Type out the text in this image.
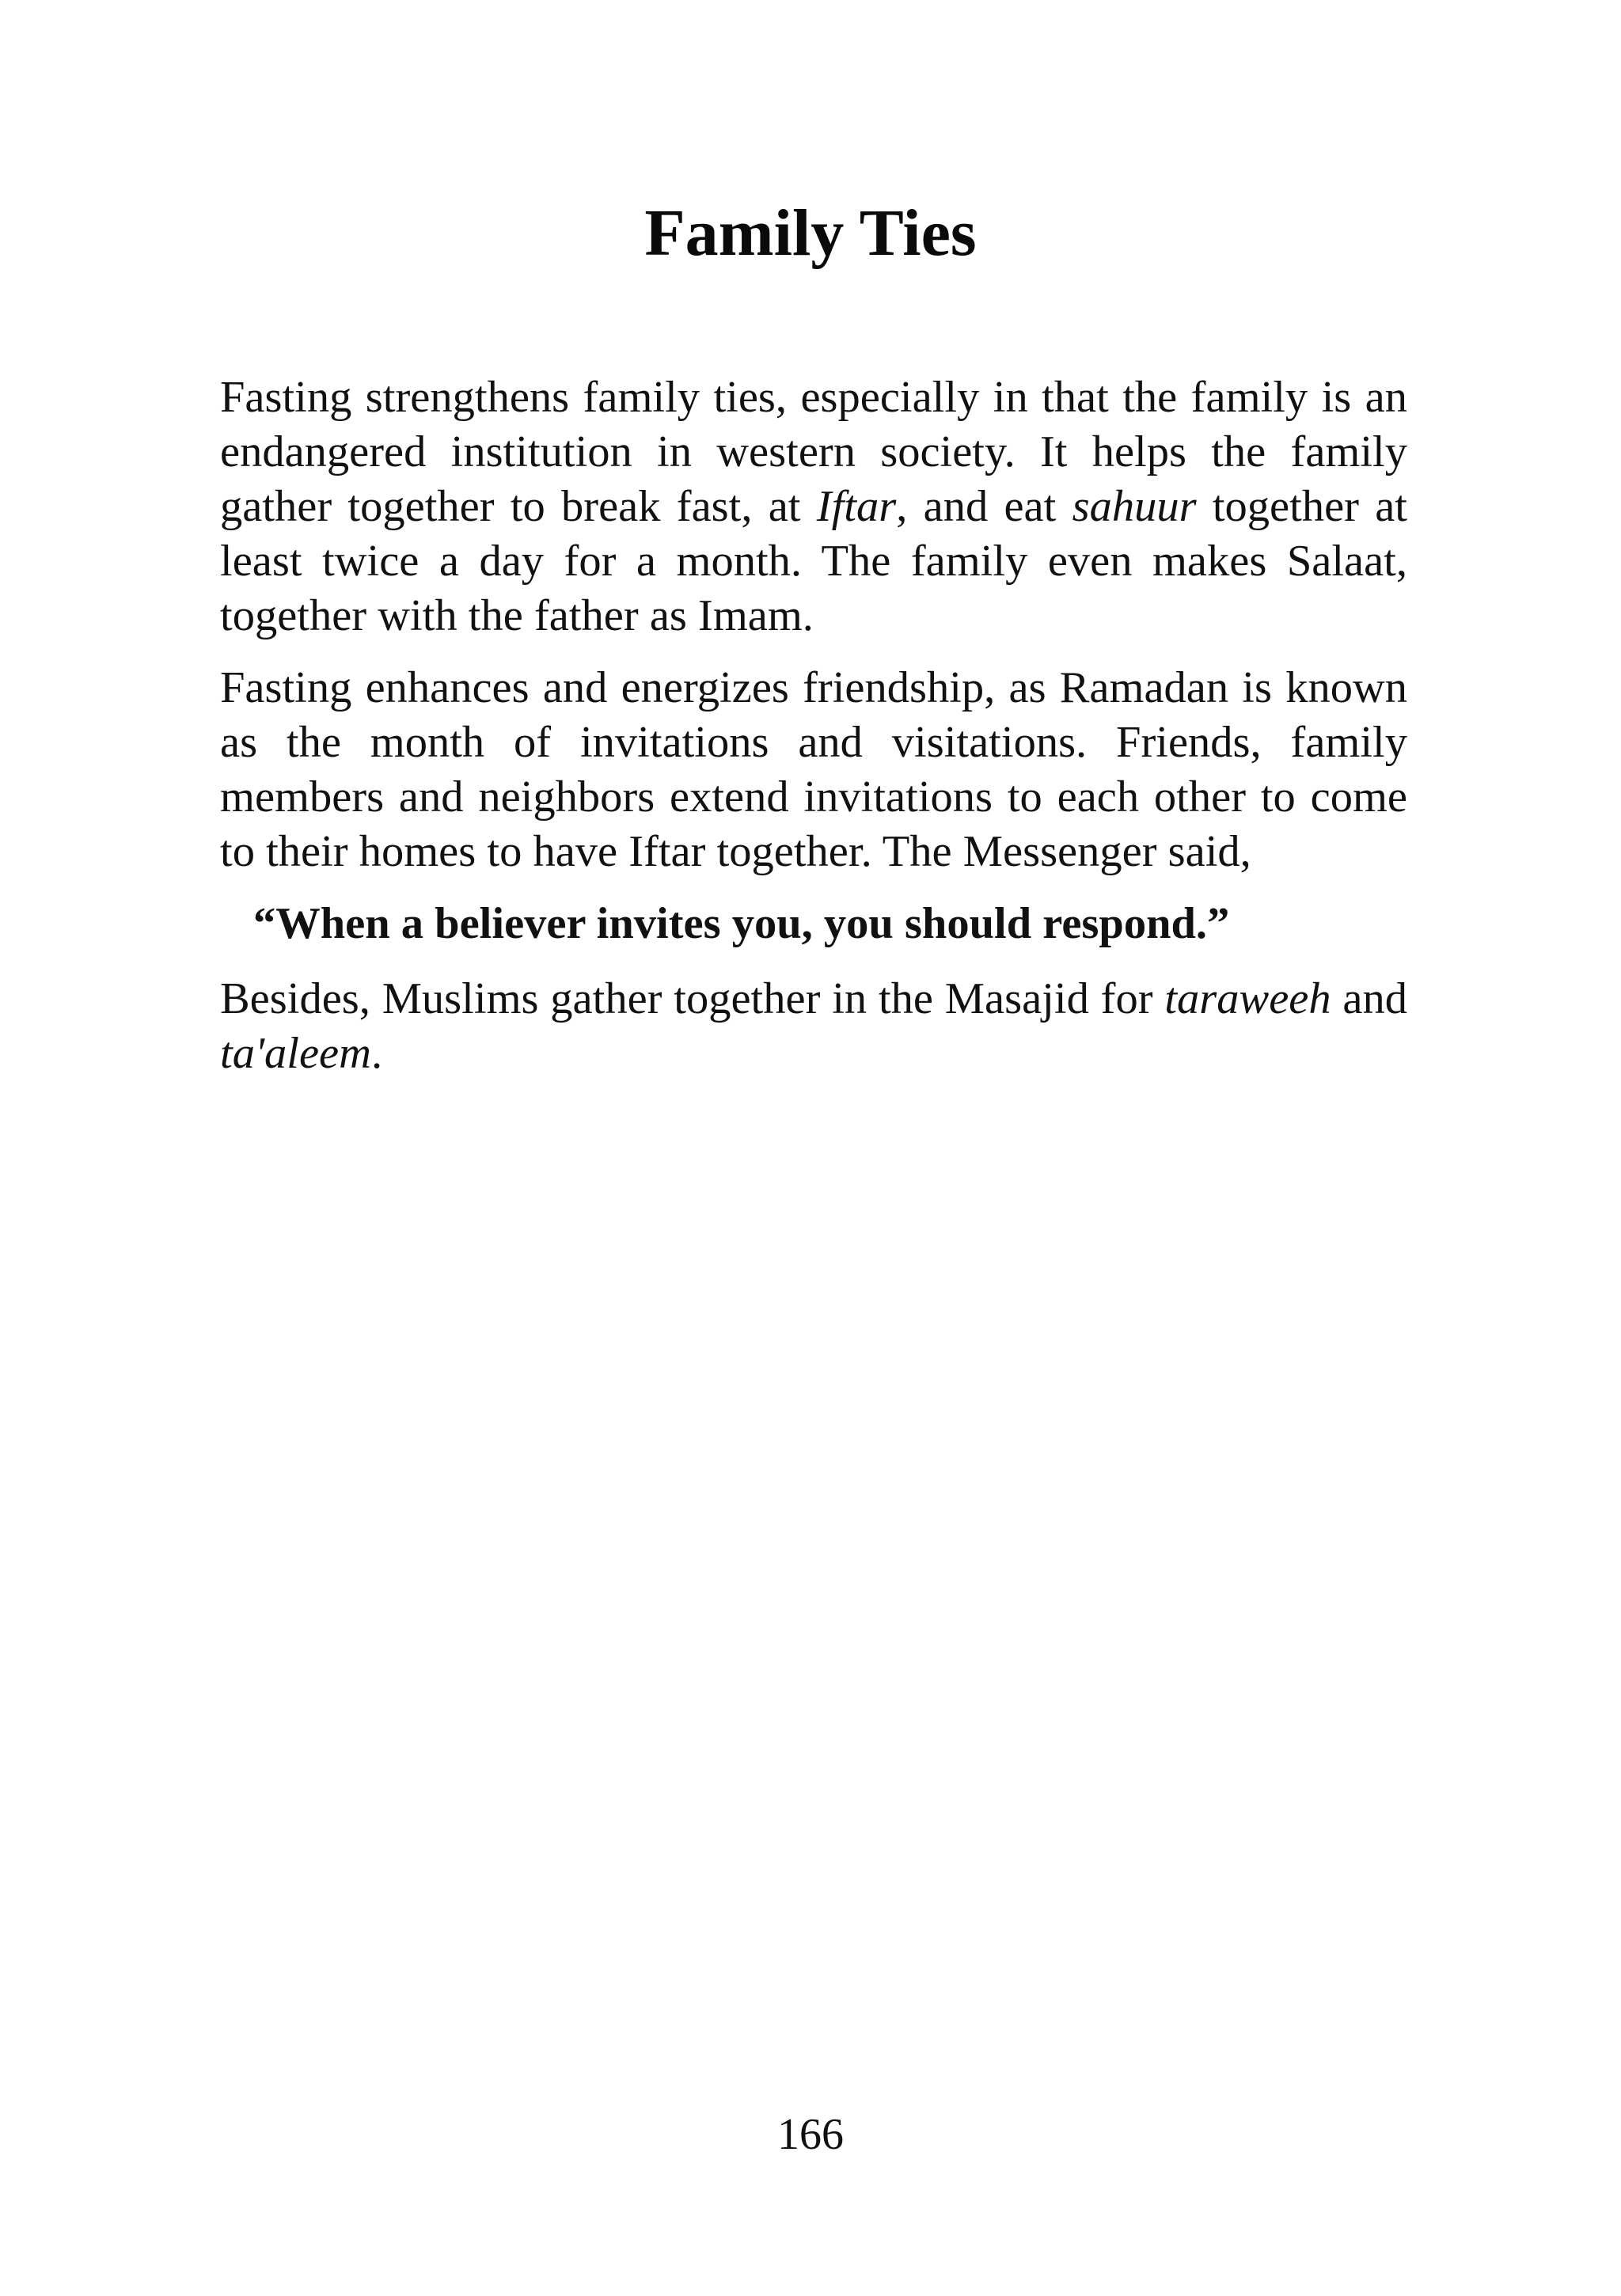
Family Ties

Fasting strengthens family ties, especially in that the family is an endangered institution in western society. It helps the family gather together to break fast, at Iftar, and eat sahuur together at least twice a day for a month. The family even makes Salaat, together with the father as Imam.

Fasting enhances and energizes friendship, as Ramadan is known as the month of invitations and visitations. Friends, family members and neighbors extend invitations to each other to come to their homes to have Iftar together. The Messenger said,

“When a believer invites you, you should respond.”

Besides, Muslims gather together in the Masajid for taraweeh and ta'aleem.

166
